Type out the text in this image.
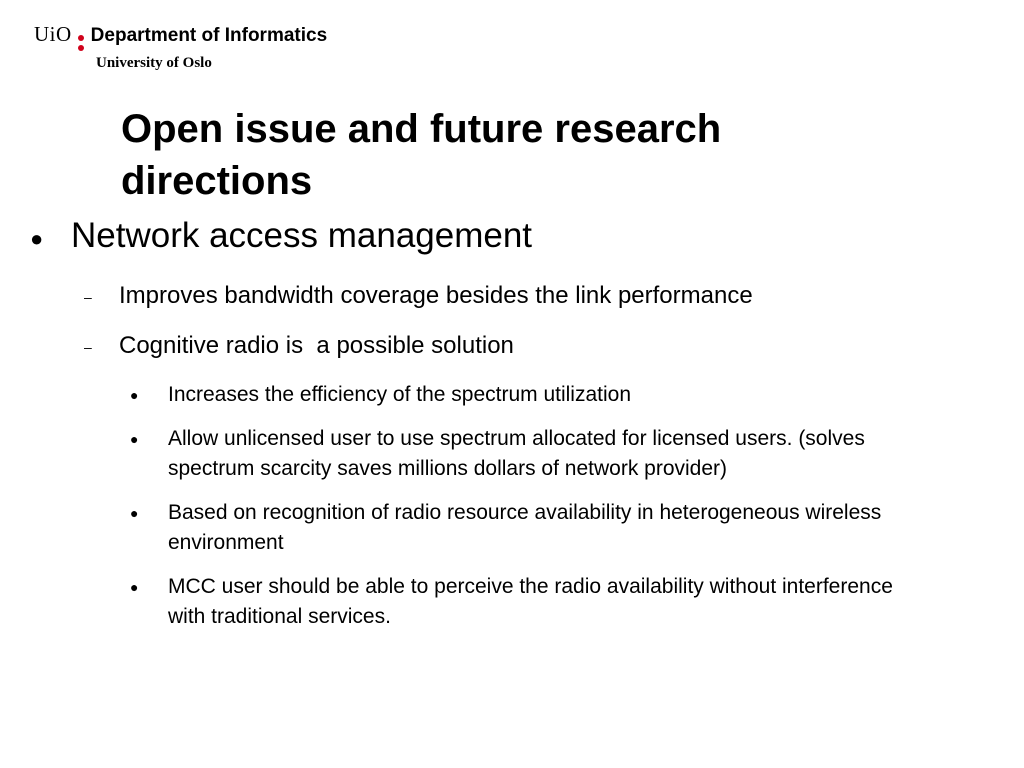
UiO Department of Informatics
University of Oslo
Open issue and future research directions
● Network access management
–	Improves bandwidth coverage besides the link performance
–	Cognitive radio is  a possible solution
●	Increases the efficiency of the spectrum utilization
●	Allow unlicensed user to use spectrum allocated for licensed users. (solves spectrum scarcity saves millions dollars of network provider)
●	Based on recognition of radio resource availability in heterogeneous wireless environment
●	MCC user should be able to perceive the radio availability without interference with traditional services.
